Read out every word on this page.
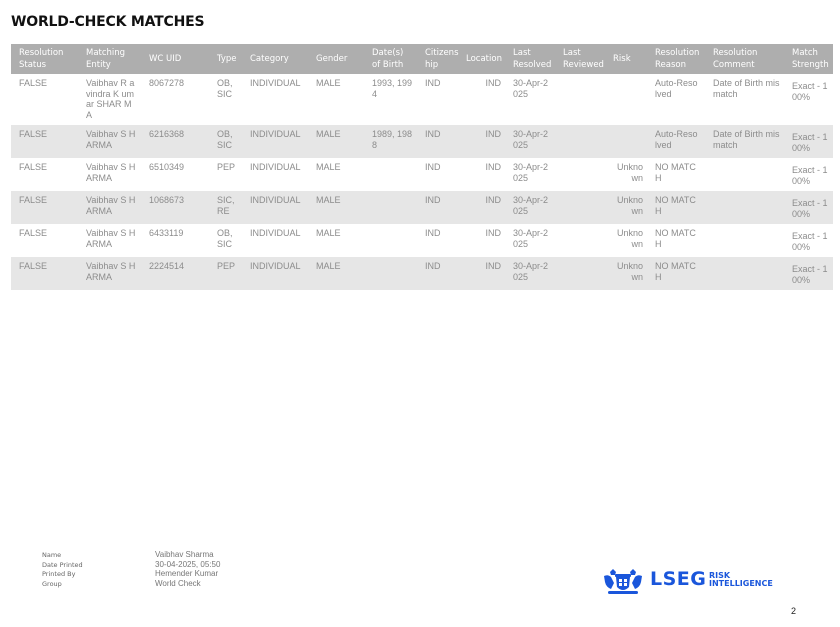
WORLD-CHECK MATCHES
Resolution Status	Matching Entity	WC UID	Type	Category	Gender	Date(s) of Birth	Citizens hip	Location	Last Resolved	Last Reviewed	Risk	Resolution Reason	Resolution Comment	Match Strength
FALSE	Vaibhav R avindra K umar SHAR MA	8067278	OB, SIC	INDIVIDUAL	MALE	1993, 1994	IND	IND	30-Apr-2025			Auto-Reso lved	Date of Birth mismatch	Exact - 100%
FALSE	Vaibhav S HARMA	6216368	OB, SIC	INDIVIDUAL	MALE	1989, 1988	IND	IND	30-Apr-2025			Auto-Reso lved	Date of Birth mismatch	Exact - 100%
FALSE	Vaibhav S HARMA	6510349	PEP	INDIVIDUAL	MALE		IND	IND	30-Apr-2025		Unknown	NO MATCH		Exact - 100%
FALSE	Vaibhav S HARMA	1068673	SIC, RE	INDIVIDUAL	MALE		IND	IND	30-Apr-2025		Unknown	NO MATCH		Exact - 100%
FALSE	Vaibhav S HARMA	6433119	OB, SIC	INDIVIDUAL	MALE		IND	IND	30-Apr-2025		Unknown	NO MATCH		Exact - 100%
FALSE	Vaibhav S HARMA	2224514	PEP	INDIVIDUAL	MALE		IND	IND	30-Apr-2025		Unknown	NO MATCH		Exact - 100%
Name	Vaibhav Sharma
Date Printed	30-04-2025, 05:50
Printed By	Hemender Kumar
Group	World Check	LSEG RISK
INTELLIGENCE
2
